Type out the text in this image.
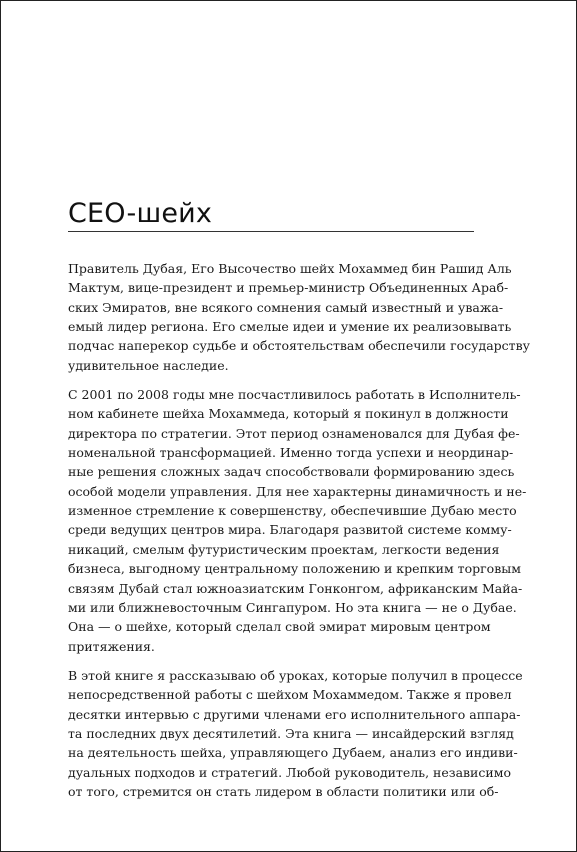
CEO-шейх

Правитель Дубая, Его Высочество шейх Мохаммед бин Рашид Аль
Мактум, вице-президент и премьер-министр Объединенных Араб-
ских Эмиратов, вне всякого сомнения самый известный и уважа-
емый лидер региона. Его смелые идеи и умение их реализовывать
подчас наперекор судьбе и обстоятельствам обеспечили государству
удивительное наследие.

С 2001 по 2008 годы мне посчастливилось работать в Исполнитель-
ном кабинете шейха Мохаммеда, который я покинул в должности
директора по стратегии. Этот период ознаменовался для Дубая фе-
номенальной трансформацией. Именно тогда успехи и неординар-
ные решения сложных задач способствовали формированию здесь
особой модели управления. Для нее характерны динамичность и не-
изменное стремление к совершенству, обеспечившие Дубаю место
среди ведущих центров мира. Благодаря развитой системе комму-
никаций, смелым футуристическим проектам, легкости ведения
бизнеса, выгодному центральному положению и крепким торговым
связям Дубай стал южноазиатским Гонконгом, африканским Майа-
ми или ближневосточным Сингапуром. Но эта книга — не о Дубае.
Она — о шейхе, который сделал свой эмират мировым центром
притяжения.

В этой книге я рассказываю об уроках, которые получил в процессе
непосредственной работы с шейхом Мохаммедом. Также я провел
десятки интервью с другими членами его исполнительного аппара-
та последних двух десятилетий. Эта книга — инсайдерский взгляд
на деятельность шейха, управляющего Дубаем, анализ его индиви-
дуальных подходов и стратегий. Любой руководитель, независимо
от того, стремится он стать лидером в области политики или об-
